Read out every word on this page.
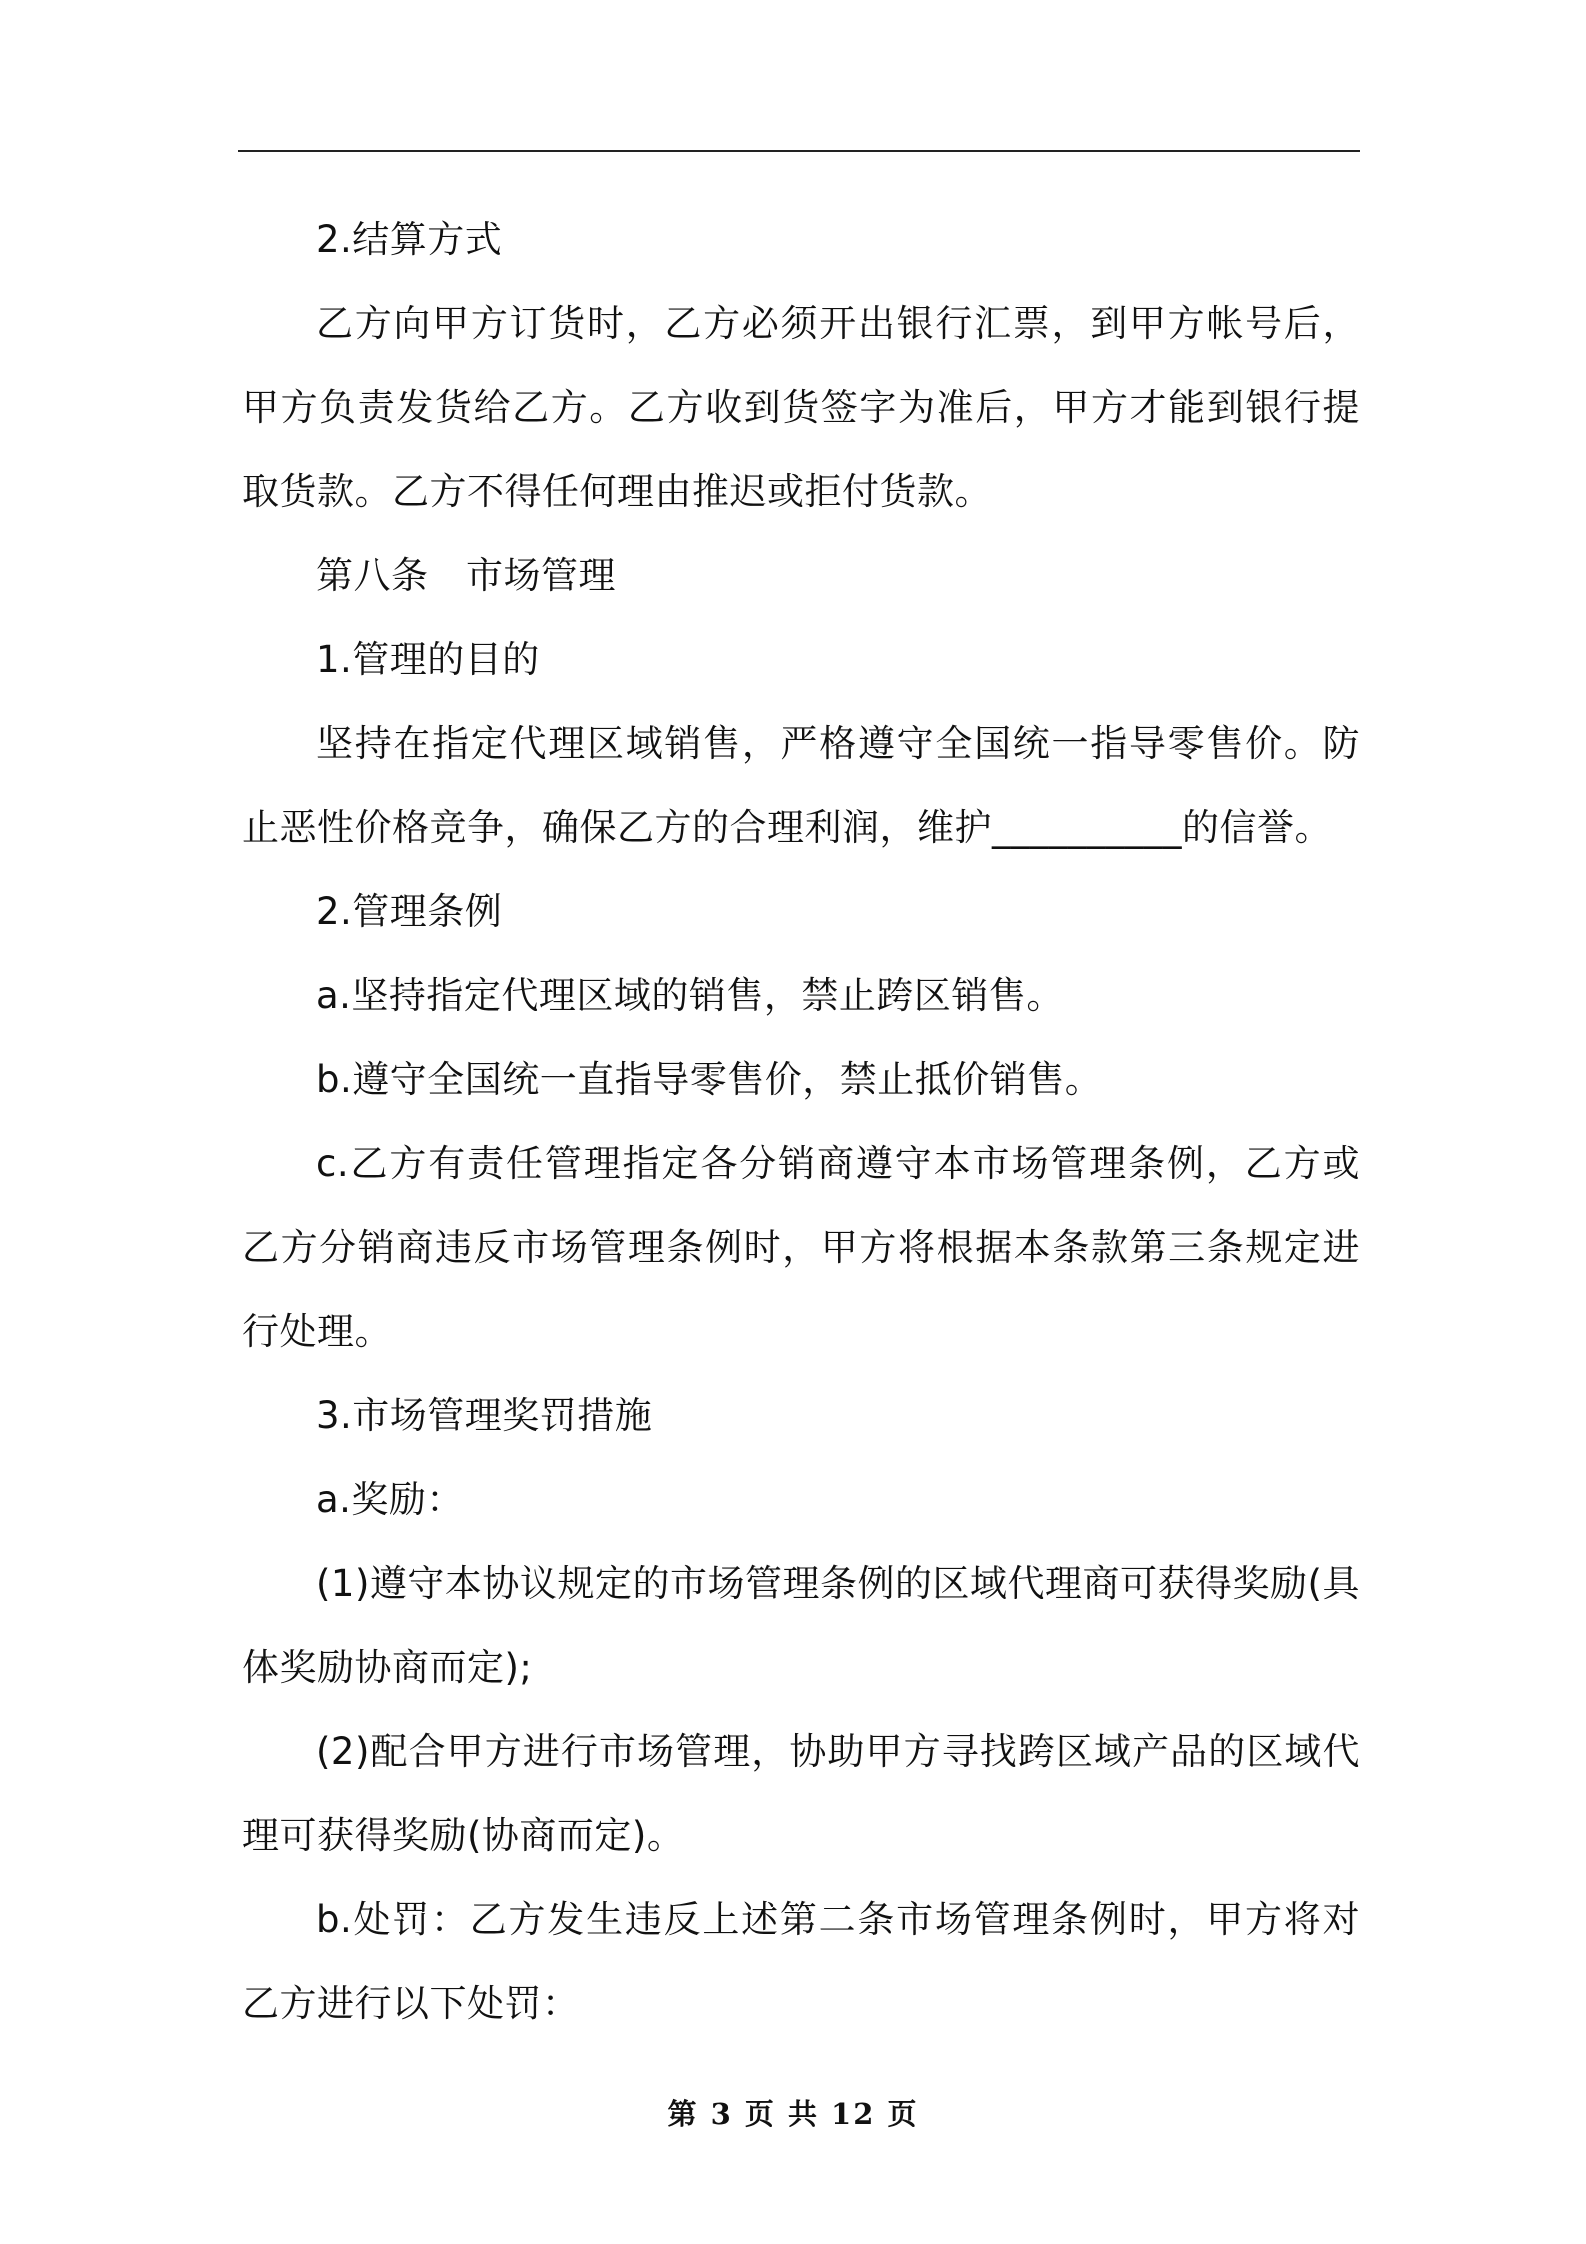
2.结算方式

乙方向甲方订货时，乙方必须开出银行汇票，到甲方帐号后，甲方负责发货给乙方。乙方收到货签字为准后，甲方才能到银行提取货款。乙方不得任何理由推迟或拒付货款。

第八条　市场管理

1.管理的目的

坚持在指定代理区域销售，严格遵守全国统一指导零售价。防止恶性价格竞争，确保乙方的合理利润，维护__________的信誉。

2.管理条例

a.坚持指定代理区域的销售，禁止跨区销售。

b.遵守全国统一直指导零售价，禁止抵价销售。

c.乙方有责任管理指定各分销商遵守本市场管理条例，乙方或乙方分销商违反市场管理条例时，甲方将根据本条款第三条规定进行处理。

3.市场管理奖罚措施

a.奖励：

(1)遵守本协议规定的市场管理条例的区域代理商可获得奖励(具体奖励协商而定);

(2)配合甲方进行市场管理，协助甲方寻找跨区域产品的区域代理可获得奖励(协商而定)。

b.处罚：乙方发生违反上述第二条市场管理条例时，甲方将对乙方进行以下处罚：

第 3 页 共 12 页
